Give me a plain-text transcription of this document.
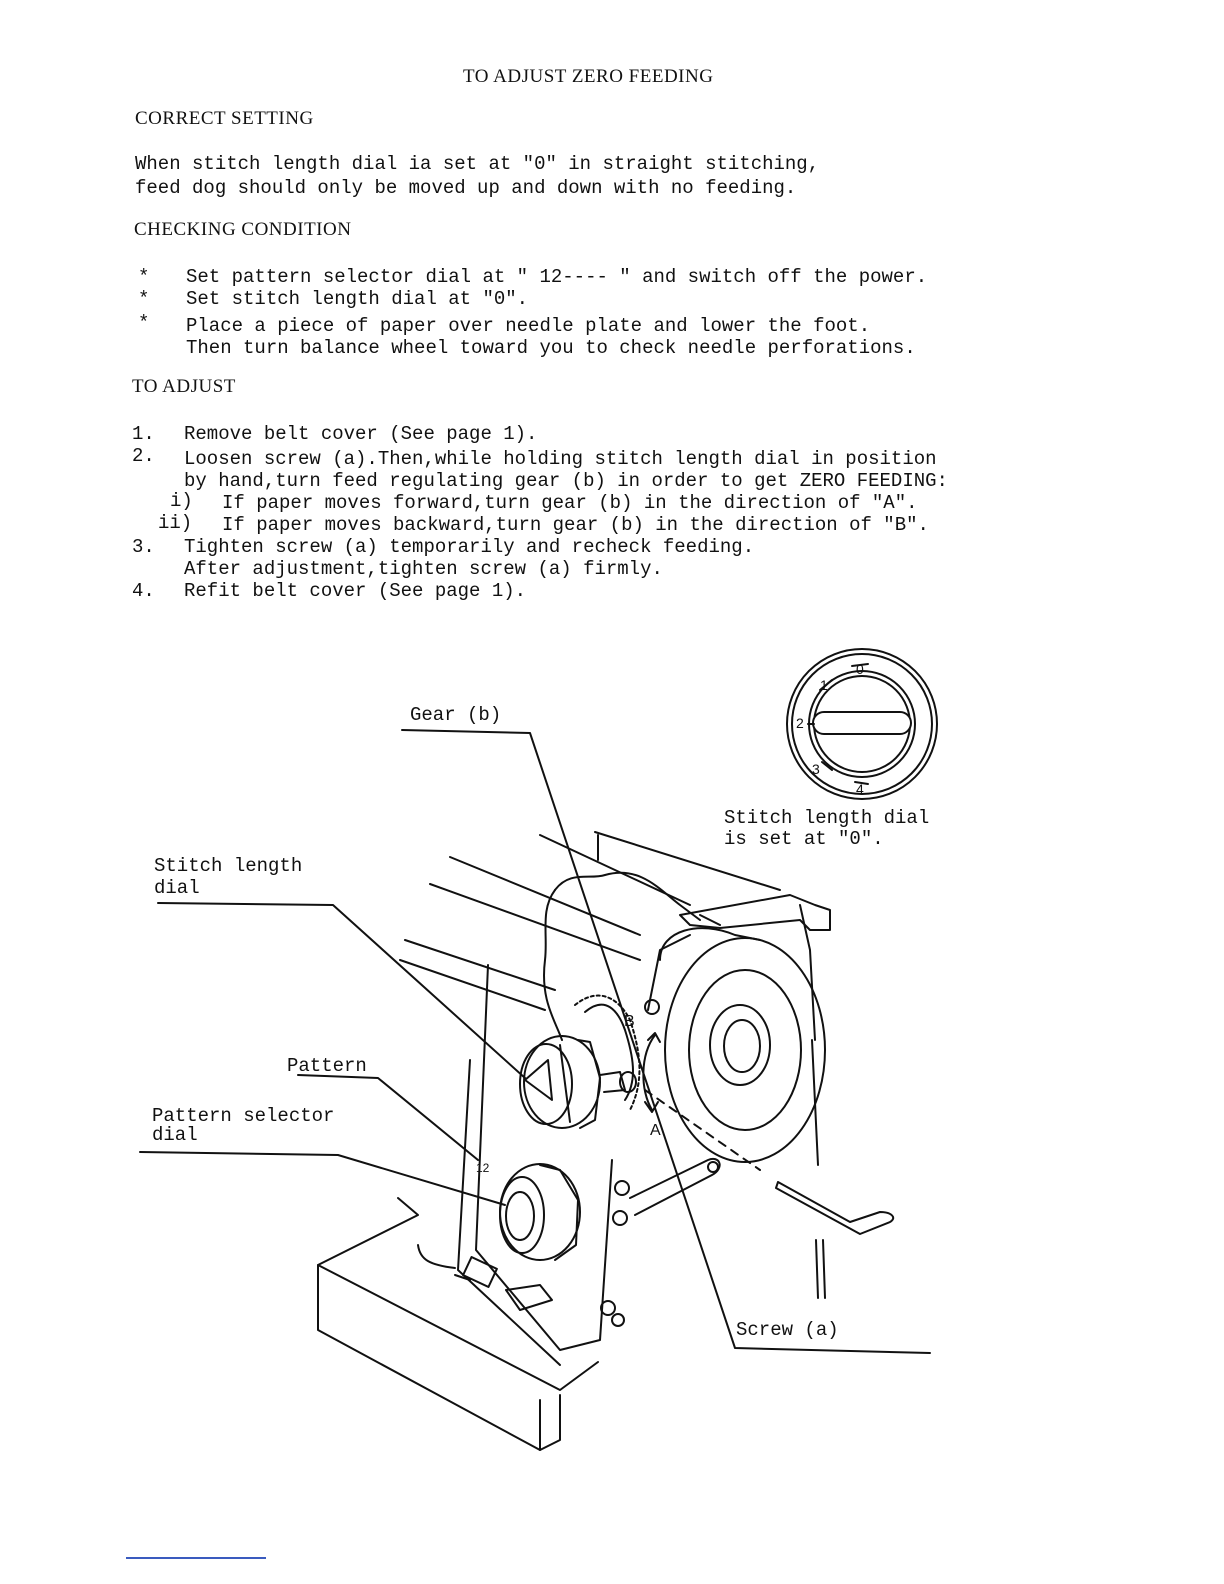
TO ADJUST ZERO FEEDING
CORRECT SETTING
When stitch length dial ia set at "0" in straight stitching,
feed dog should only be moved up and down with no feeding.
CHECKING CONDITION
* Set pattern selector dial at " 12---- " and switch off the power.
* Set stitch length dial at "0".
* Place a piece of paper over needle plate and lower the foot.
Then turn balance wheel toward you to check needle perforations.
TO ADJUST
1. Remove belt cover (See page 1).
2. Loosen screw (a).Then,while holding stitch length dial in position
by hand,turn feed regulating gear (b) in order to get ZERO FEEDING:
i) If paper moves forward,turn gear (b) in the direction of "A".
ii) If paper moves backward,turn gear (b) in the direction of "B".
3. Tighten screw (a) temporarily and recheck feeding.
After adjustment,tighten screw (a) firmly.
4. Refit belt cover (See page 1).
Gear (b)
Stitch length dial
is set at "0".
Stitch length
dial
Pattern
Pattern selector
dial
Screw (a)
B
A
0
1
2
3
4
12
